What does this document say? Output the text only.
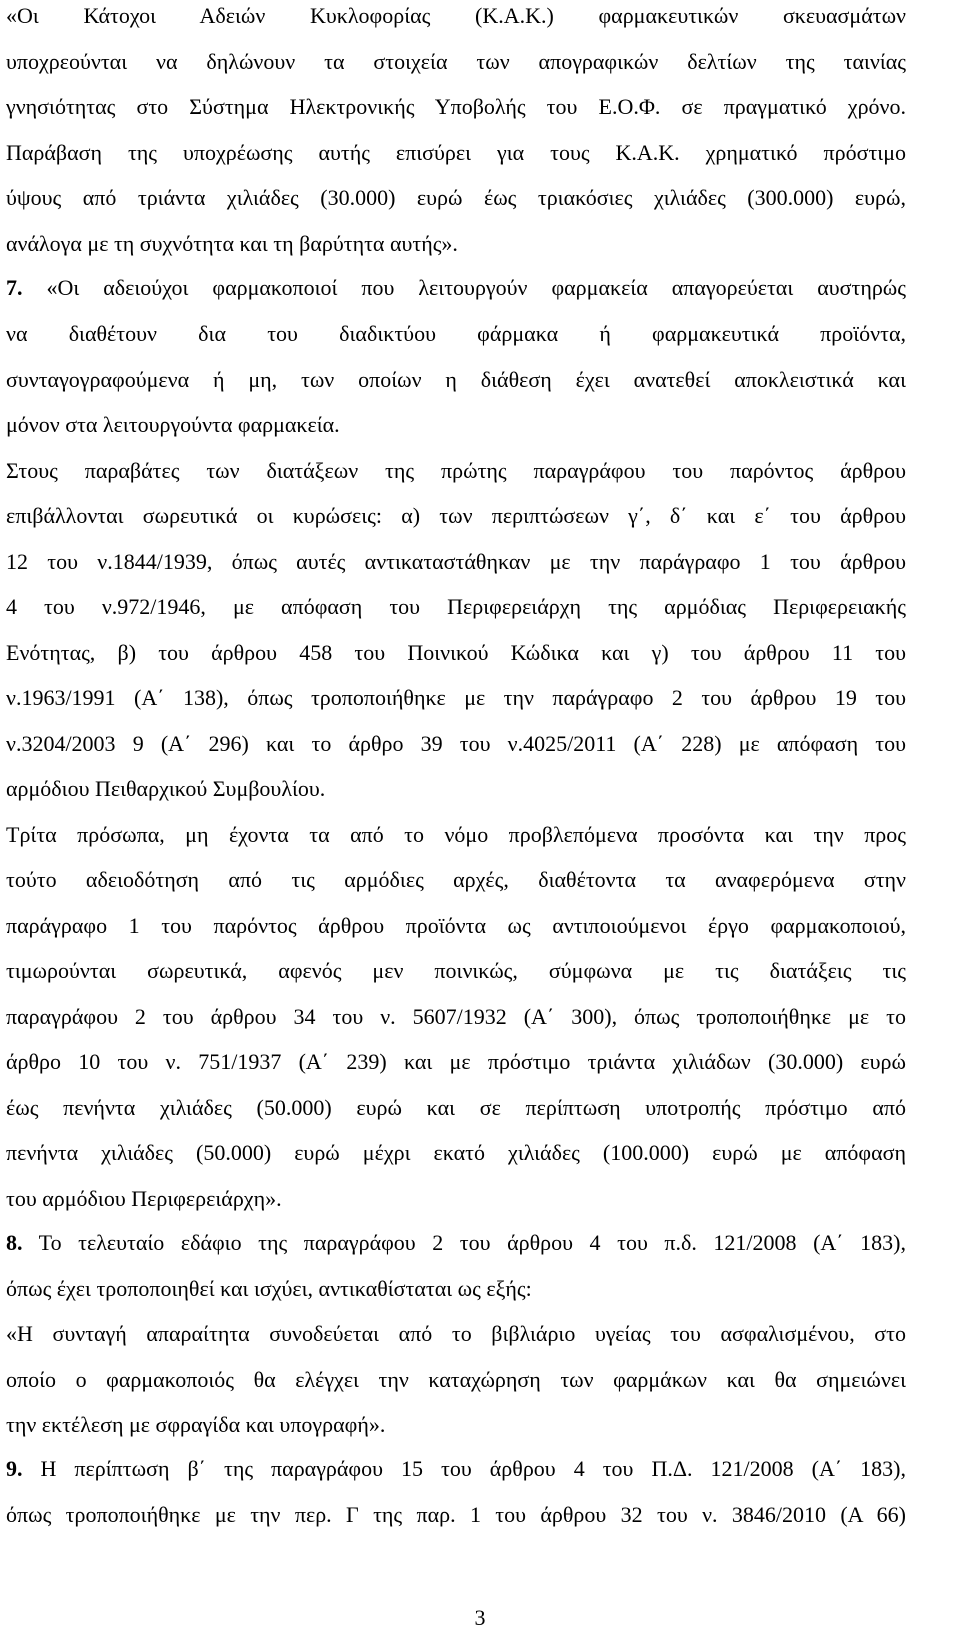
«Οι Κάτοχοι Αδειών Κυκλοφορίας (Κ.Α.Κ.) φαρμακευτικών σκευασμάτων
υποχρεούνται να δηλώνουν τα στοιχεία των απογραφικών δελτίων της ταινίας
γνησιότητας στο Σύστημα Ηλεκτρονικής Υποβολής του Ε.Ο.Φ. σε πραγματικό χρόνο.
Παράβαση της υποχρέωσης αυτής επισύρει για τους Κ.Α.Κ. χρηματικό πρόστιμο
ύψους από τριάντα χιλιάδες (30.000) ευρώ έως τριακόσιες χιλιάδες (300.000) ευρώ,
ανάλογα με τη συχνότητα και τη βαρύτητα αυτής».
7. «Οι αδειούχοι φαρμακοποιοί που λειτουργούν φαρμακεία απαγορεύεται αυστηρώς
να διαθέτουν δια του διαδικτύου φάρμακα ή φαρμακευτικά προϊόντα,
συνταγογραφούμενα ή μη, των οποίων η διάθεση έχει ανατεθεί αποκλειστικά και
μόνον στα λειτουργούντα φαρμακεία.
Στους παραβάτες των διατάξεων της πρώτης παραγράφου του παρόντος άρθρου
επιβάλλονται σωρευτικά οι κυρώσεις: α) των περιπτώσεων γ΄, δ΄ και ε΄ του άρθρου
12 του ν.1844/1939, όπως αυτές αντικαταστάθηκαν με την παράγραφο 1 του άρθρου
4 του ν.972/1946, με απόφαση του Περιφερειάρχη της αρμόδιας Περιφερειακής
Ενότητας, β) του άρθρου 458 του Ποινικού Κώδικα και γ) του άρθρου 11 του
ν.1963/1991 (Α΄ 138), όπως τροποποιήθηκε με την παράγραφο 2 του άρθρου 19 του
ν.3204/2003 9 (Α΄ 296) και το άρθρο 39 του ν.4025/2011 (Α΄ 228) με απόφαση του
αρμόδιου Πειθαρχικού Συμβουλίου.
Τρίτα πρόσωπα, μη έχοντα τα από το νόμο προβλεπόμενα προσόντα και την προς
τούτο αδειοδότηση από τις αρμόδιες αρχές, διαθέτοντα τα αναφερόμενα στην
παράγραφο 1 του παρόντος άρθρου προϊόντα ως αντιποιούμενοι έργο φαρμακοποιού,
τιμωρούνται σωρευτικά, αφενός μεν ποινικώς, σύμφωνα με τις διατάξεις τις
παραγράφου 2 του άρθρου 34 του ν. 5607/1932 (Α΄ 300), όπως τροποποιήθηκε με το
άρθρο 10 του ν. 751/1937 (Α΄ 239) και με πρόστιμο τριάντα χιλιάδων (30.000) ευρώ
έως πενήντα χιλιάδες (50.000) ευρώ και σε περίπτωση υποτροπής πρόστιμο από
πενήντα χιλιάδες (50.000) ευρώ μέχρι εκατό χιλιάδες (100.000) ευρώ με απόφαση
του αρμόδιου Περιφερειάρχη».
8. Το τελευταίο εδάφιο της παραγράφου 2 του άρθρου 4 του π.δ. 121/2008 (Α΄ 183),
όπως έχει τροποποιηθεί και ισχύει, αντικαθίσταται ως εξής:
«Η συνταγή απαραίτητα συνοδεύεται από το βιβλιάριο υγείας του ασφαλισμένου, στο
οποίο ο φαρμακοποιός θα ελέγχει την καταχώρηση των φαρμάκων και θα σημειώνει
την εκτέλεση με σφραγίδα και υπογραφή».
9. Η περίπτωση β΄ της παραγράφου 15 του άρθρου 4 του Π.Δ. 121/2008 (Α΄ 183),
όπως τροποποιήθηκε με την περ. Γ της παρ. 1 του άρθρου 32 του ν. 3846/2010 (Α 66)
3
